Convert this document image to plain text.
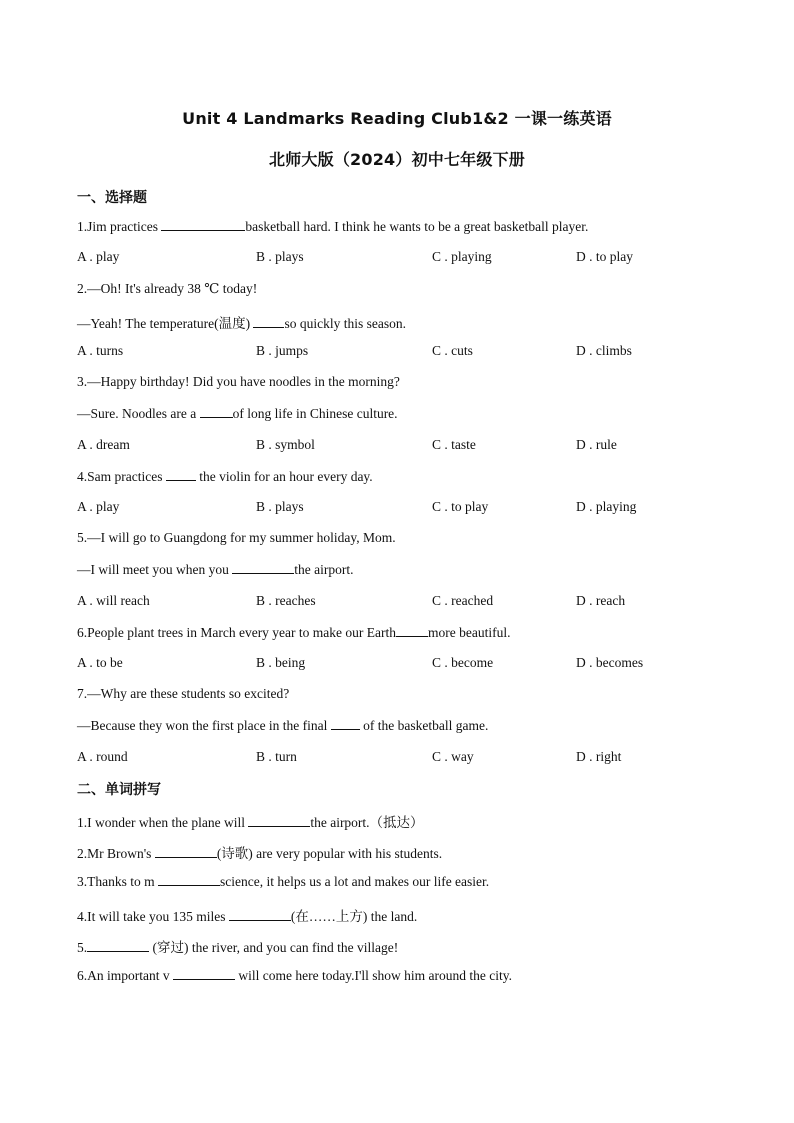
Unit 4 Landmarks Reading Club1&2 一课一练英语
北师大版（2024）初中七年级下册
一、选择题
1.Jim practices	basketball hard. I think he wants to be a great basketball player.
A . play	B . plays	C . playing	D . to play
2.—Oh! It's already 38 ℃ today!
—Yeah! The temperature(温度) so quickly this season.
A . turns	B . jumps	C . cuts	D . climbs
3.—Happy birthday! Did you have noodles in the morning?
—Sure. Noodles are a of long life in Chinese culture.
A . dream	B . symbol	C . taste	D . rule
4.Sam practices  the violin for an hour every day.
A . play	B . plays	C . to play	D . playing
5.—I will go to Guangdong for my summer holiday, Mom.
—I will meet you when you	the airport.
A . will reach	B . reaches	C . reached	D . reach
6.People plant trees in March every year to make our Earth more beautiful.
A . to be	B . being	C . become	D . becomes
7.—Why are these students so excited?
—Because they won the first place in the final  of the basketball game.
A . round	B . turn	C . way	D . right
二、单词拼写
1.I wonder when the plane will	the airport.（抵达）
2.Mr Brown's	(诗歌) are very popular with his students.
3.Thanks to m	science, it helps us a lot and makes our life easier.
4.It will take you 135 miles	(在……上方) the land.
5.	(穿过) the river, and you can find the village!
6.An important v	will come here today.I'll show him around the city.
